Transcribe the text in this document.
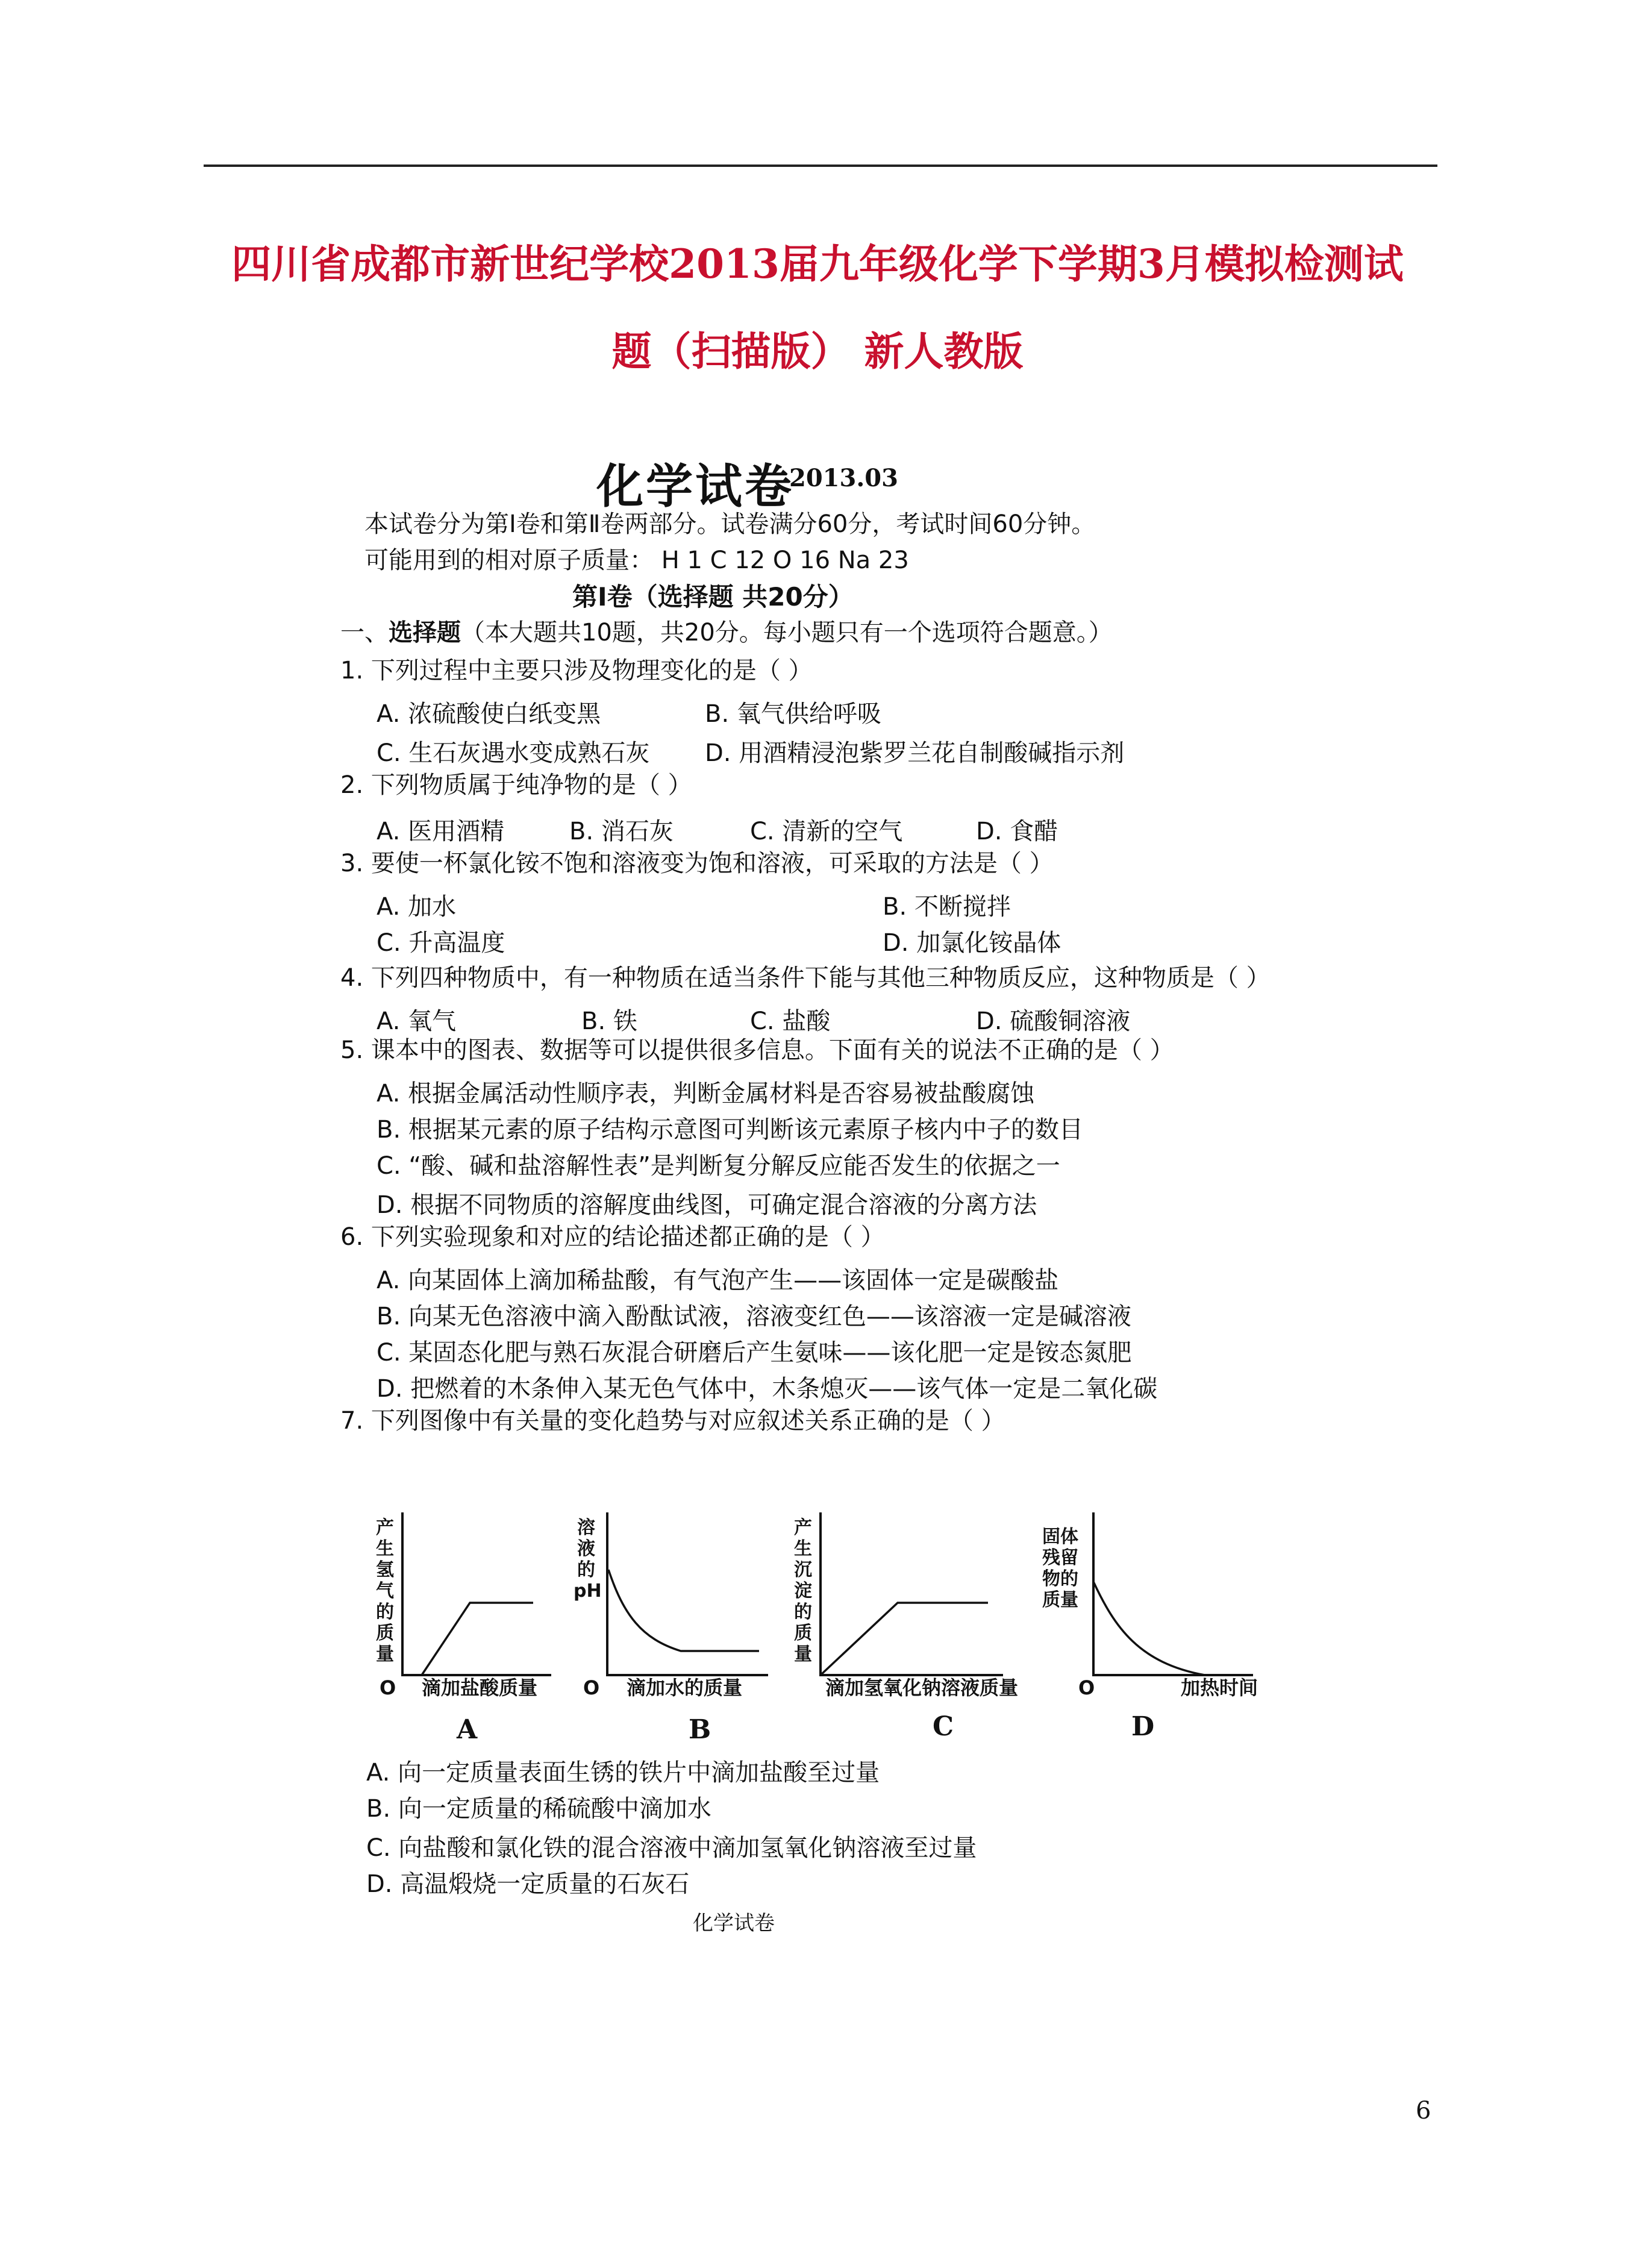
四川省成都市新世纪学校2013届九年级化学下学期3月模拟检测试
题（扫描版） 新人教版
化学试卷
2013.03
本试卷分为第Ⅰ卷和第Ⅱ卷两部分。试卷满分60分，考试时间60分钟。
可能用到的相对原子质量： H 1 C 12 O 16 Na 23
第Ⅰ卷（选择题 共20分）
一、选择题（本大题共10题，共20分。每小题只有一个选项符合题意。）
1. 下列过程中主要只涉及物理变化的是（ ）
A. 浓硫酸使白纸变黑	B. 氧气供给呼吸
C. 生石灰遇水变成熟石灰 D. 用酒精浸泡紫罗兰花自制酸碱指示剂
2. 下列物质属于纯净物的是（ ）
A. 医用酒精	B. 消石灰	C. 清新的空气	D. 食醋
3. 要使一杯氯化铵不饱和溶液变为饱和溶液，可采取的方法是（ ）
A. 加水	B. 不断搅拌
C. 升高温度	D. 加氯化铵晶体
4. 下列四种物质中，有一种物质在适当条件下能与其他三种物质反应，这种物质是（ ）
A. 氧气	B. 铁	C. 盐酸	D. 硫酸铜溶液
5. 课本中的图表、数据等可以提供很多信息。下面有关的说法不正确的是（ ）
A. 根据金属活动性顺序表，判断金属材料是否容易被盐酸腐蚀
B. 根据某元素的原子结构示意图可判断该元素原子核内中子的数目
C. “酸、碱和盐溶解性表”是判断复分解反应能否发生的依据之一
D. 根据不同物质的溶解度曲线图，可确定混合溶液的分离方法
6. 下列实验现象和对应的结论描述都正确的是（ ）
A. 向某固体上滴加稀盐酸，有气泡产生——该固体一定是碳酸盐
B. 向某无色溶液中滴入酚酞试液，溶液变红色——该溶液一定是碱溶液
C. 某固态化肥与熟石灰混合研磨后产生氨味——该化肥一定是铵态氮肥
D. 把燃着的木条伸入某无色气体中，木条熄灭——该气体一定是二氧化碳
7. 下列图像中有关量的变化趋势与对应叙述关系正确的是（ ）
产
生
氢
气
的
质
量
O 滴加盐酸质量
溶
液
的
pH
O 滴加水的质量
产
生
沉
淀
的
质
量
滴加氢氧化钠溶液质量
固体
残留
物的
质量
O	加热时间
A	B	C	D
A. 向一定质量表面生锈的铁片中滴加盐酸至过量
B. 向一定质量的稀硫酸中滴加水
C. 向盐酸和氯化铁的混合溶液中滴加氢氧化钠溶液至过量
D. 高温煅烧一定质量的石灰石
化学试卷
6
